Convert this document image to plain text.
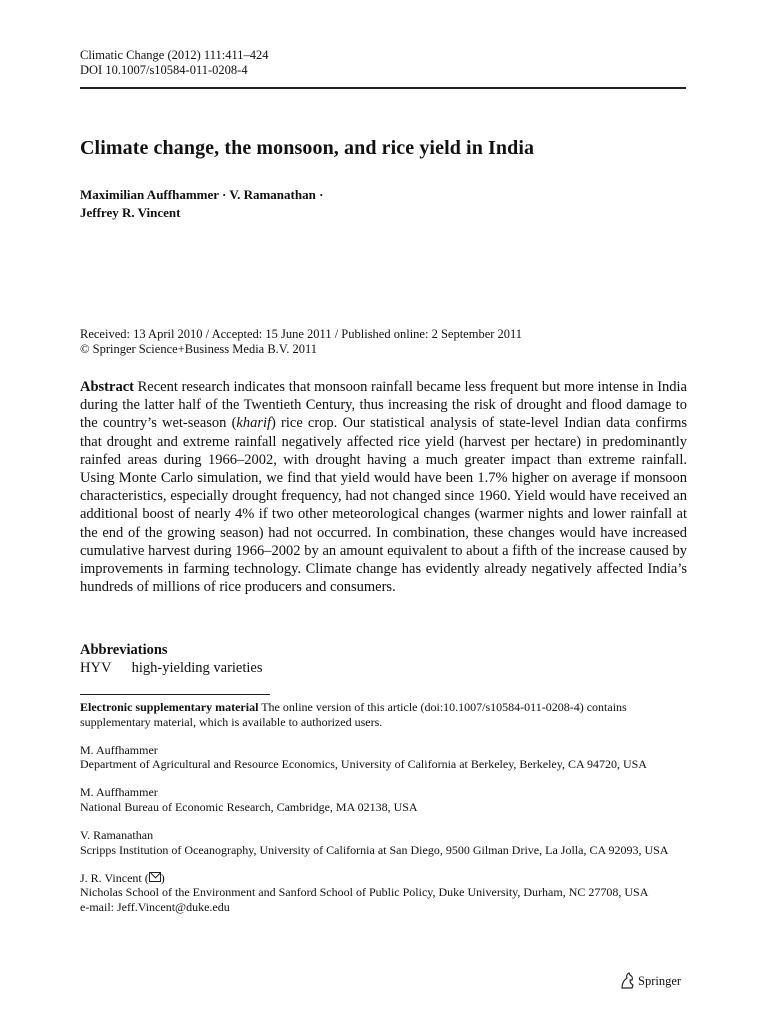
Climatic Change (2012) 111:411–424
DOI 10.1007/s10584-011-0208-4
Climate change, the monsoon, and rice yield in India
Maximilian Auffhammer · V. Ramanathan ·
Jeffrey R. Vincent
Received: 13 April 2010 / Accepted: 15 June 2011 / Published online: 2 September 2011
© Springer Science+Business Media B.V. 2011
Abstract Recent research indicates that monsoon rainfall became less frequent but more intense in India during the latter half of the Twentieth Century, thus increasing the risk of drought and flood damage to the country’s wet-season (kharif) rice crop. Our statistical analysis of state-level Indian data confirms that drought and extreme rainfall negatively affected rice yield (harvest per hectare) in predominantly rainfed areas during 1966–2002, with drought having a much greater impact than extreme rainfall. Using Monte Carlo simulation, we find that yield would have been 1.7% higher on average if monsoon characteristics, especially drought frequency, had not changed since 1960. Yield would have received an additional boost of nearly 4% if two other meteorological changes (warmer nights and lower rainfall at the end of the growing season) had not occurred. In combination, these changes would have increased cumulative harvest during 1966–2002 by an amount equivalent to about a fifth of the increase caused by improvements in farming technology. Climate change has evidently already negatively affected India’s hundreds of millions of rice producers and consumers.
Abbreviations
HYV high-yielding varieties

Electronic supplementary material The online version of this article (doi:10.1007/s10584-011-0208-4) contains supplementary material, which is available to authorized users.

M. Auffhammer
Department of Agricultural and Resource Economics, University of California at Berkeley, Berkeley, CA 94720, USA

M. Auffhammer
National Bureau of Economic Research, Cambridge, MA 02138, USA

V. Ramanathan
Scripps Institution of Oceanography, University of California at San Diego, 9500 Gilman Drive, La Jolla, CA 92093, USA

J. R. Vincent ( )
Nicholas School of the Environment and Sanford School of Public Policy, Duke University, Durham, NC 27708, USA
e-mail: Jeff.Vincent@duke.edu

Springer
